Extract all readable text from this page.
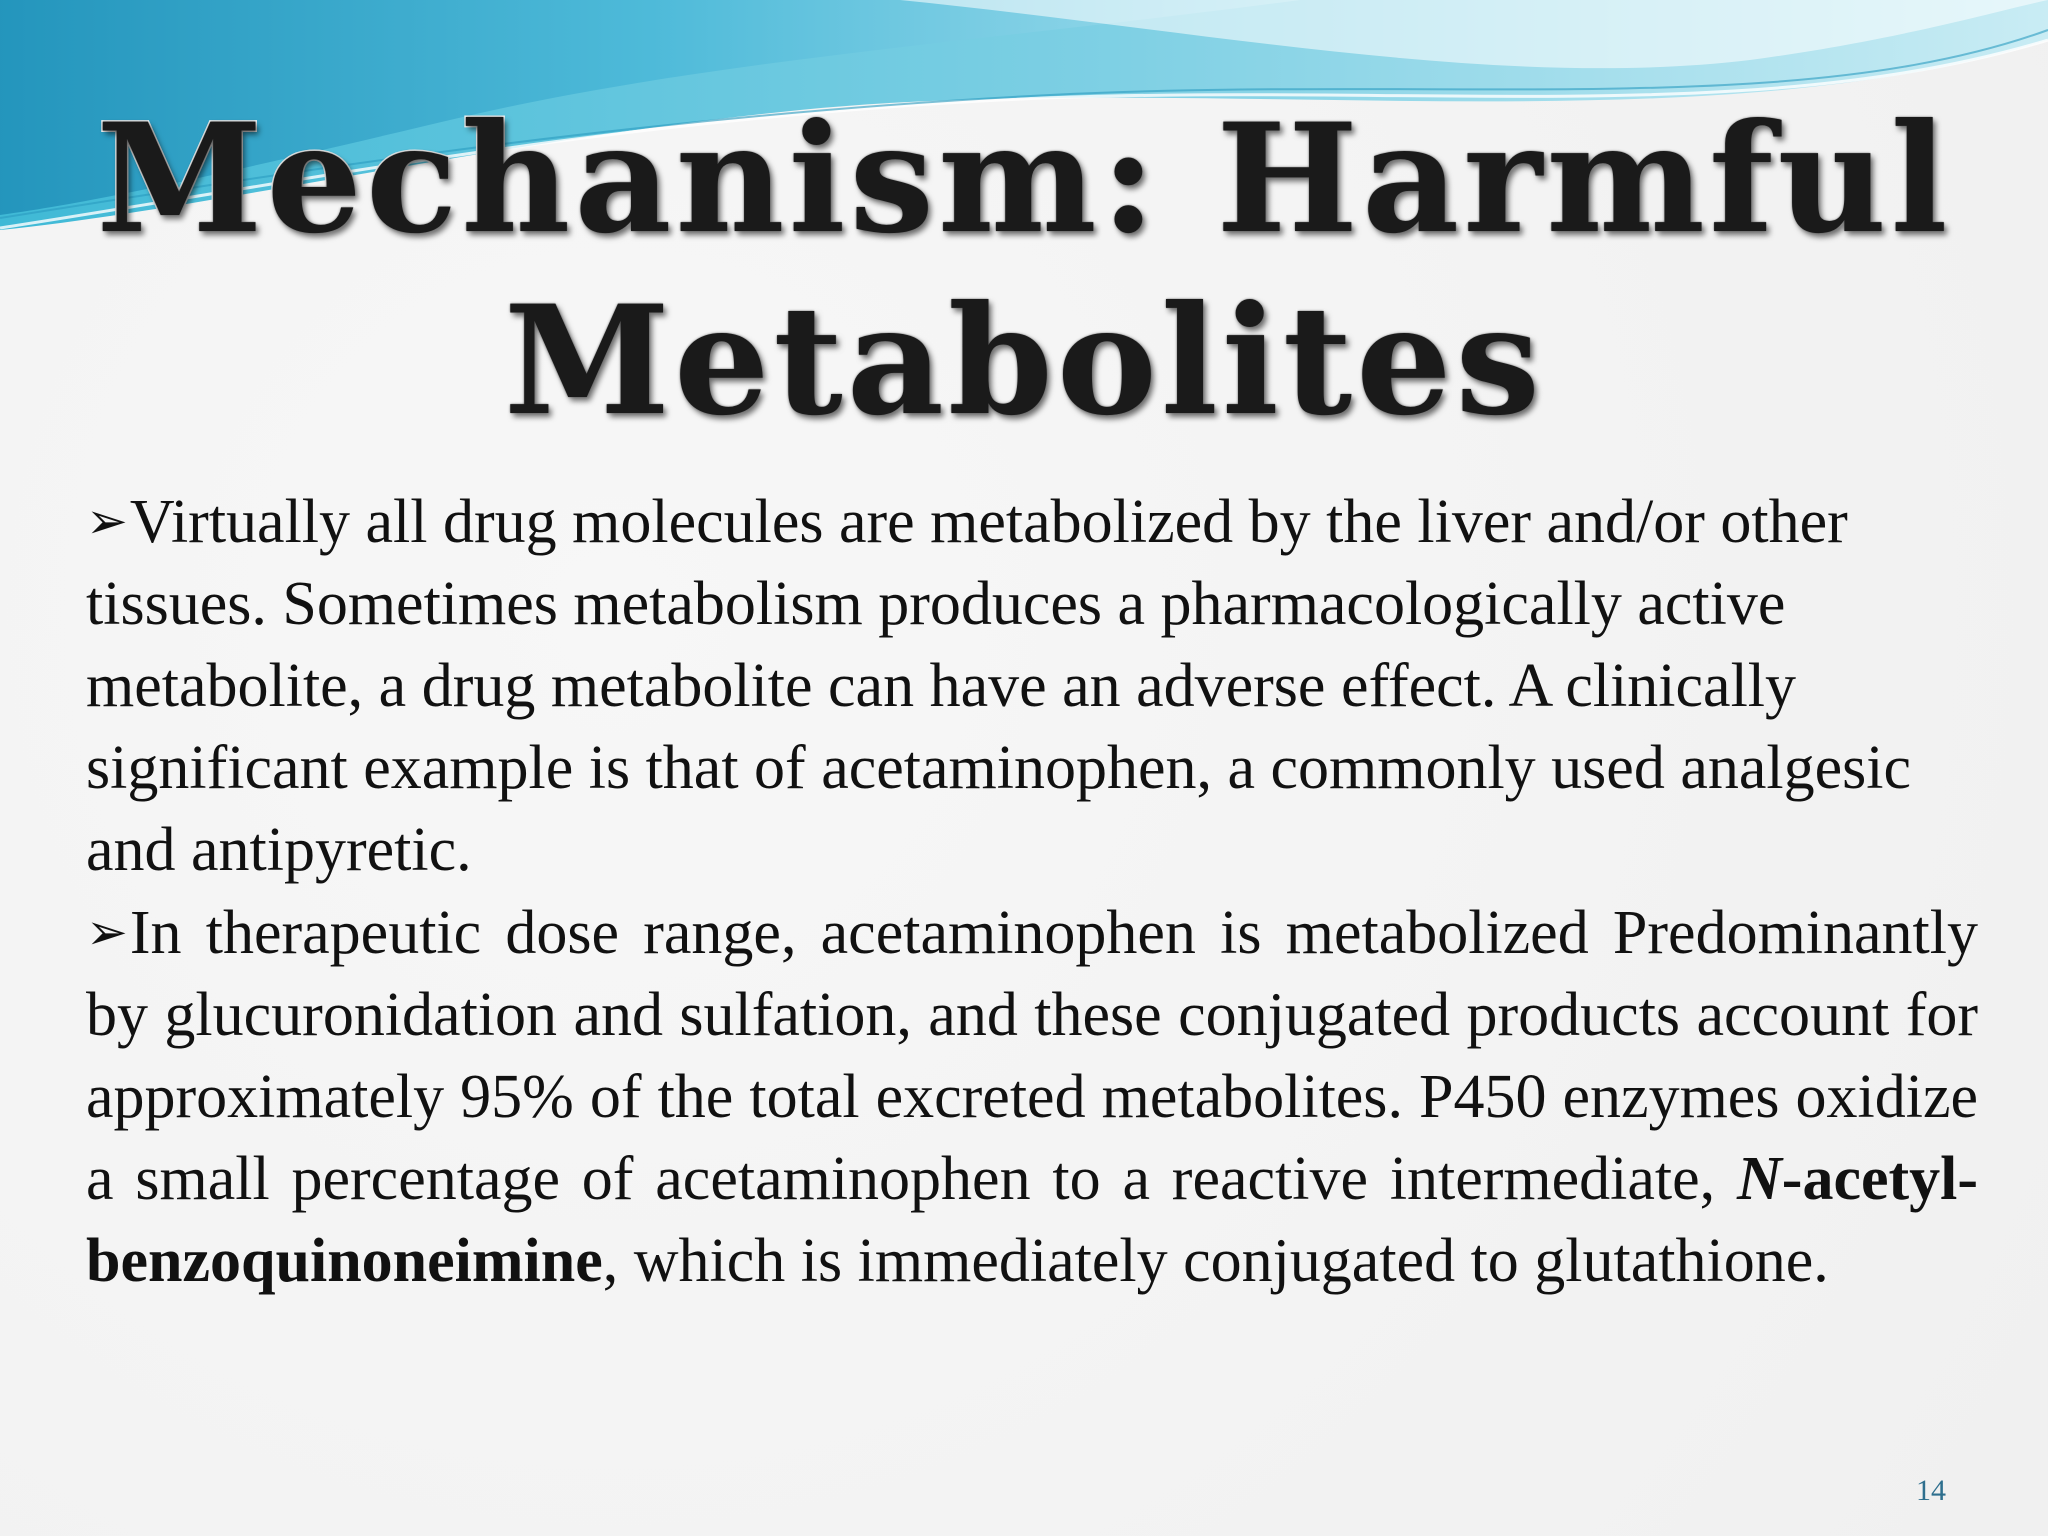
Mechanism: Harmful
Metabolites

➢Virtually all drug molecules are metabolized by the liver and/or other tissues. Sometimes metabolism produces a pharmacologically active metabolite, a drug metabolite can have an adverse effect. A clinically significant example is that of acetaminophen, a commonly used analgesic and antipyretic.

➢In therapeutic dose range, acetaminophen is metabolized Predominantly by glucuronidation and sulfation, and these conjugated products account for approximately 95% of the total excreted metabolites. P450 enzymes oxidize a small percentage of acetaminophen to a reactive intermediate, N-acetyl-benzoquinoneimine, which is immediately conjugated to glutathione.

14
